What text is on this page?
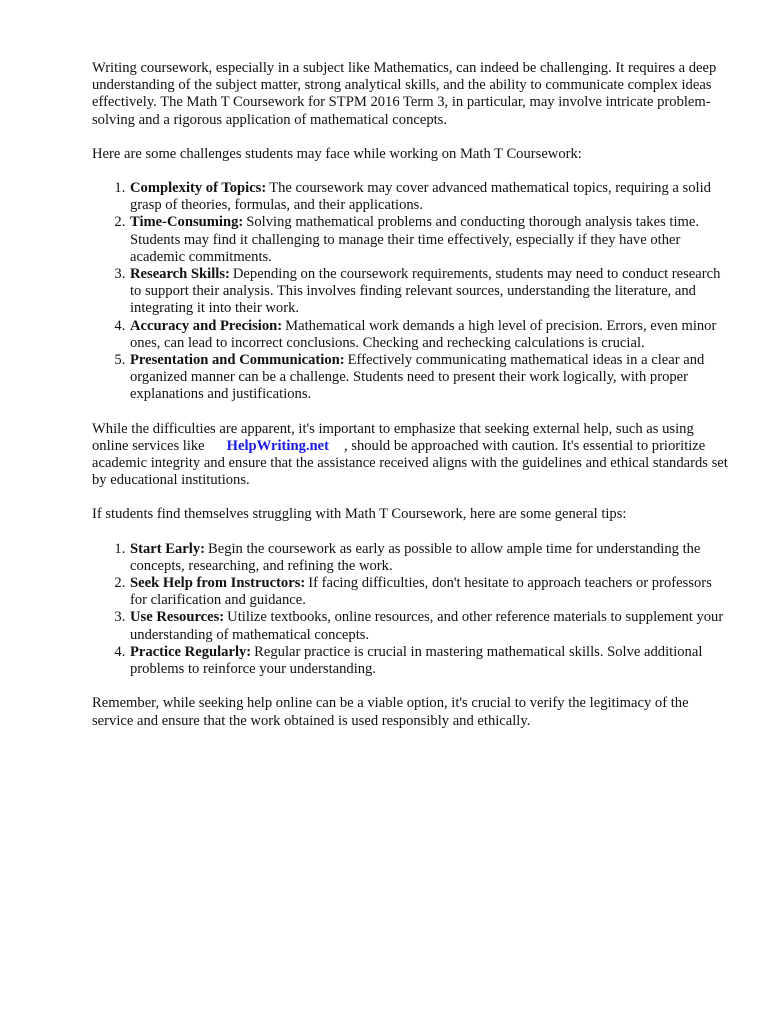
Writing coursework, especially in a subject like Mathematics, can indeed be challenging. It requires a deep understanding of the subject matter, strong analytical skills, and the ability to communicate complex ideas effectively. The Math T Coursework for STPM 2016 Term 3, in particular, may involve intricate problem-solving and a rigorous application of mathematical concepts.

Here are some challenges students may face while working on Math T Coursework:

1. Complexity of Topics: The coursework may cover advanced mathematical topics, requiring a solid grasp of theories, formulas, and their applications.
2. Time-Consuming: Solving mathematical problems and conducting thorough analysis takes time. Students may find it challenging to manage their time effectively, especially if they have other academic commitments.
3. Research Skills: Depending on the coursework requirements, students may need to conduct research to support their analysis. This involves finding relevant sources, understanding the literature, and integrating it into their work.
4. Accuracy and Precision: Mathematical work demands a high level of precision. Errors, even minor ones, can lead to incorrect conclusions. Checking and rechecking calculations is crucial.
5. Presentation and Communication: Effectively communicating mathematical ideas in a clear and organized manner can be a challenge. Students need to present their work logically, with proper explanations and justifications.

While the difficulties are apparent, it's important to emphasize that seeking external help, such as using online services like HelpWriting.net , should be approached with caution. It's essential to prioritize academic integrity and ensure that the assistance received aligns with the guidelines and ethical standards set by educational institutions.

If students find themselves struggling with Math T Coursework, here are some general tips:

1. Start Early: Begin the coursework as early as possible to allow ample time for understanding the concepts, researching, and refining the work.
2. Seek Help from Instructors: If facing difficulties, don't hesitate to approach teachers or professors for clarification and guidance.
3. Use Resources: Utilize textbooks, online resources, and other reference materials to supplement your understanding of mathematical concepts.
4. Practice Regularly: Regular practice is crucial in mastering mathematical skills. Solve additional problems to reinforce your understanding.

Remember, while seeking help online can be a viable option, it's crucial to verify the legitimacy of the service and ensure that the work obtained is used responsibly and ethically.
